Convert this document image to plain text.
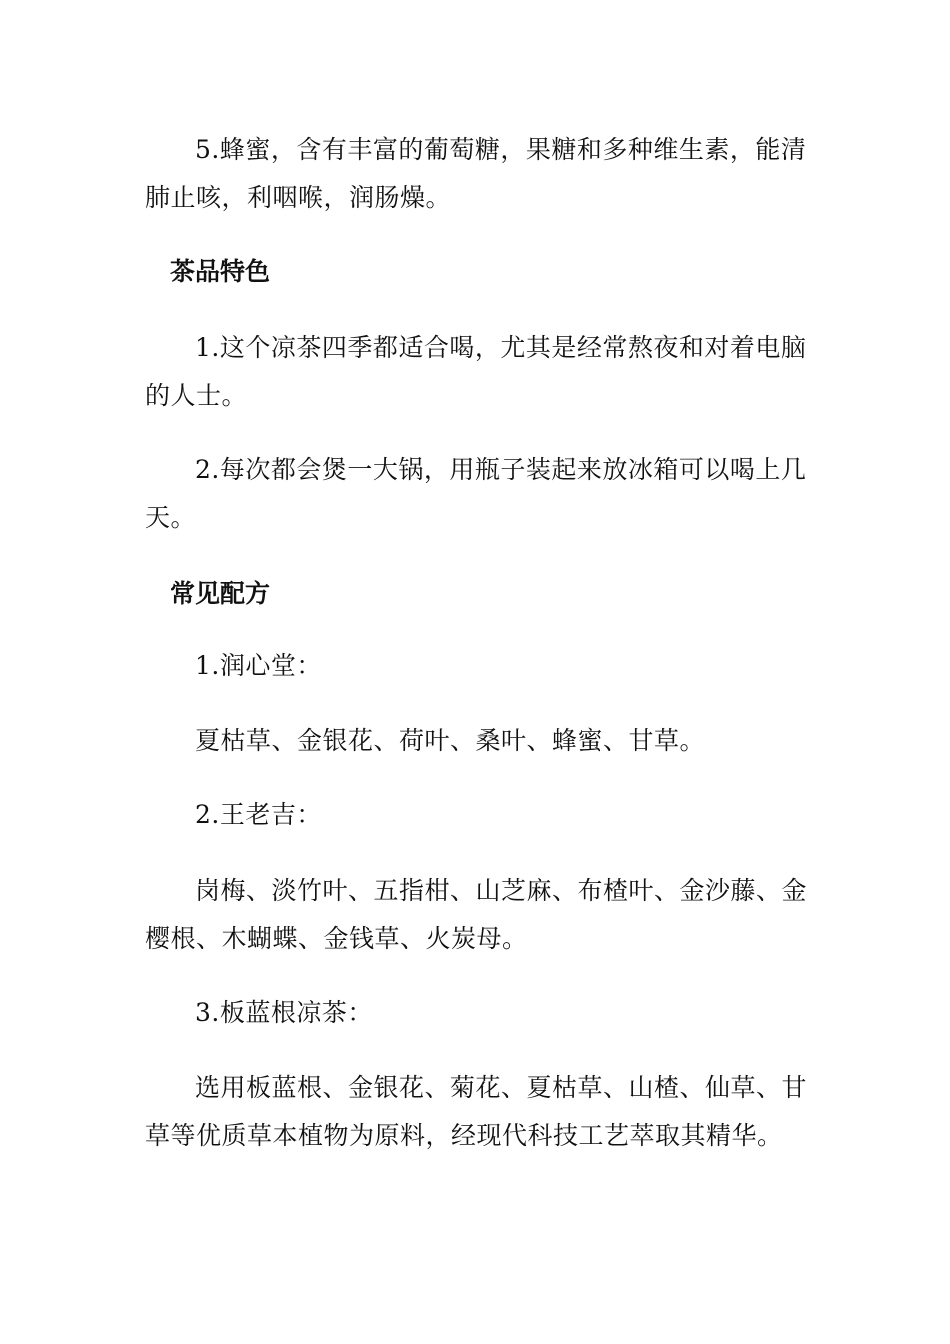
5.蜂蜜，含有丰富的葡萄糖，果糖和多种维生素，能清肺止咳，利咽喉，润肠燥。

茶品特色

1.这个凉茶四季都适合喝，尤其是经常熬夜和对着电脑的人士。

2.每次都会煲一大锅，用瓶子装起来放冰箱可以喝上几天。

常见配方

1.润心堂：

夏枯草、金银花、荷叶、桑叶、蜂蜜、甘草。

2.王老吉：

岗梅、淡竹叶、五指柑、山芝麻、布楂叶、金沙藤、金樱根、木蝴蝶、金钱草、火炭母。

3.板蓝根凉茶：

选用板蓝根、金银花、菊花、夏枯草、山楂、仙草、甘草等优质草本植物为原料，经现代科技工艺萃取其精华。
